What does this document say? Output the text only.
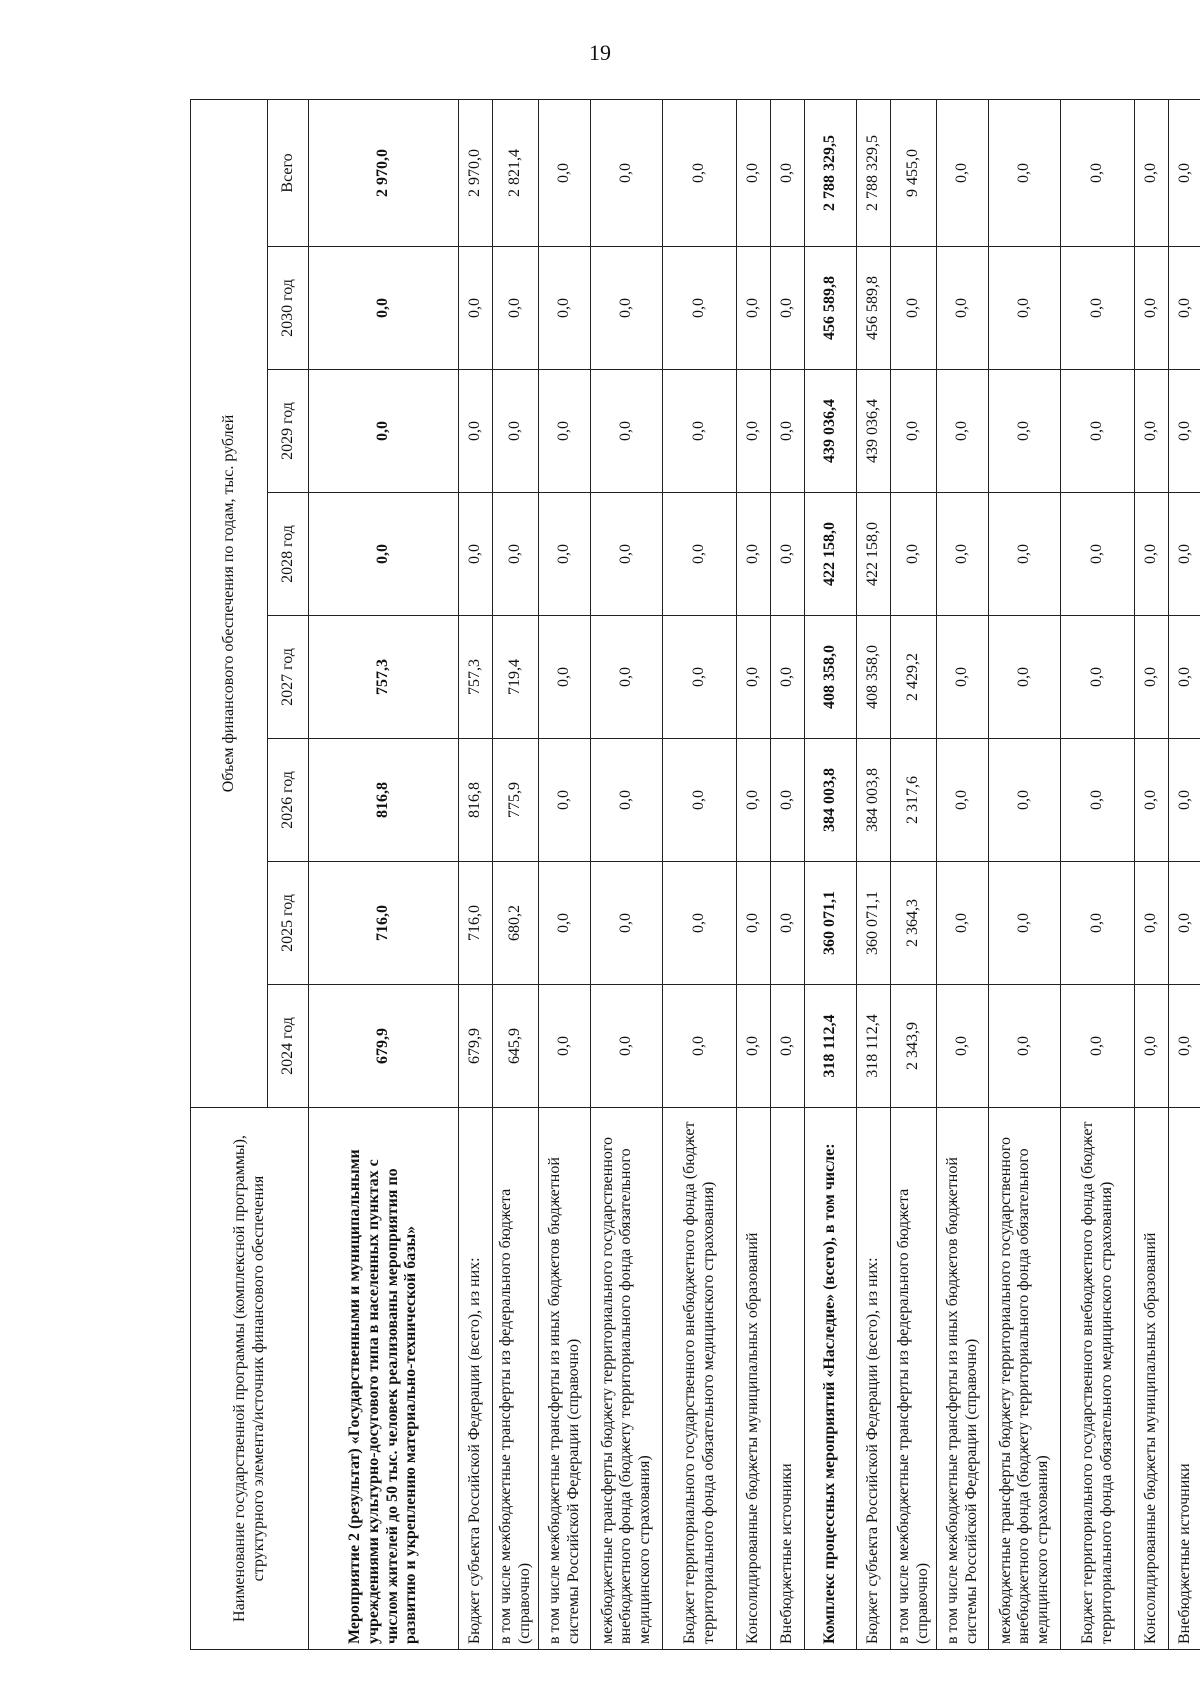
19
Наименование государственной программы (комплексной программы), структурного элемента/источник финансового обеспечения	Объем финансового обеспечения по годам, тыс. рублей							
	2024 год	2025 год	2026 год	2027 год	2028 год	2029 год	2030 год	Всего
Мероприятие 2 (результат) «Государственными и муниципальными учреждениями культурно-досугового типа в населенных пунктах с числом жителей до 50 тыс. человек реализованы мероприятия по развитию и укреплению материально-технической базы»	679,9	716,0	816,8	757,3	0,0	0,0	0,0	2 970,0
Бюджет субъекта Российской Федерации (всего), из них:	679,9	716,0	816,8	757,3	0,0	0,0	0,0	2 970,0
в том числе межбюджетные трансферты из федерального бюджета (справочно)	645,9	680,2	775,9	719,4	0,0	0,0	0,0	2 821,4
в том числе межбюджетные трансферты из иных бюджетов бюджетной системы Российской Федерации (справочно)	0,0	0,0	0,0	0,0	0,0	0,0	0,0	0,0
межбюджетные трансферты бюджету территориального государственного внебюджетного фонда (бюджету территориального фонда обязательного медицинского страхования)	0,0	0,0	0,0	0,0	0,0	0,0	0,0	0,0
Бюджет территориального государственного внебюджетного фонда (бюджет территориального фонда обязательного медицинского страхования)	0,0	0,0	0,0	0,0	0,0	0,0	0,0	0,0
Консолидированные бюджеты муниципальных образований	0,0	0,0	0,0	0,0	0,0	0,0	0,0	0,0
Внебюджетные источники	0,0	0,0	0,0	0,0	0,0	0,0	0,0	0,0
Комплекс процессных мероприятий «Наследие» (всего), в том числе:	318 112,4	360 071,1	384 003,8	408 358,0	422 158,0	439 036,4	456 589,8	2 788 329,5
Бюджет субъекта Российской Федерации (всего), из них:	318 112,4	360 071,1	384 003,8	408 358,0	422 158,0	439 036,4	456 589,8	2 788 329,5
в том числе межбюджетные трансферты из федерального бюджета (справочно)	2 343,9	2 364,3	2 317,6	2 429,2	0,0	0,0	0,0	9 455,0
в том числе межбюджетные трансферты из иных бюджетов бюджетной системы Российской Федерации (справочно)	0,0	0,0	0,0	0,0	0,0	0,0	0,0	0,0
межбюджетные трансферты бюджету территориального государственного внебюджетного фонда (бюджету территориального фонда обязательного медицинского страхования)	0,0	0,0	0,0	0,0	0,0	0,0	0,0	0,0
Бюджет территориального государственного внебюджетного фонда (бюджет территориального фонда обязательного медицинского страхования)	0,0	0,0	0,0	0,0	0,0	0,0	0,0	0,0
Консолидированные бюджеты муниципальных образований	0,0	0,0	0,0	0,0	0,0	0,0	0,0	0,0
Внебюджетные источники	0,0	0,0	0,0	0,0	0,0	0,0	0,0	0,0
